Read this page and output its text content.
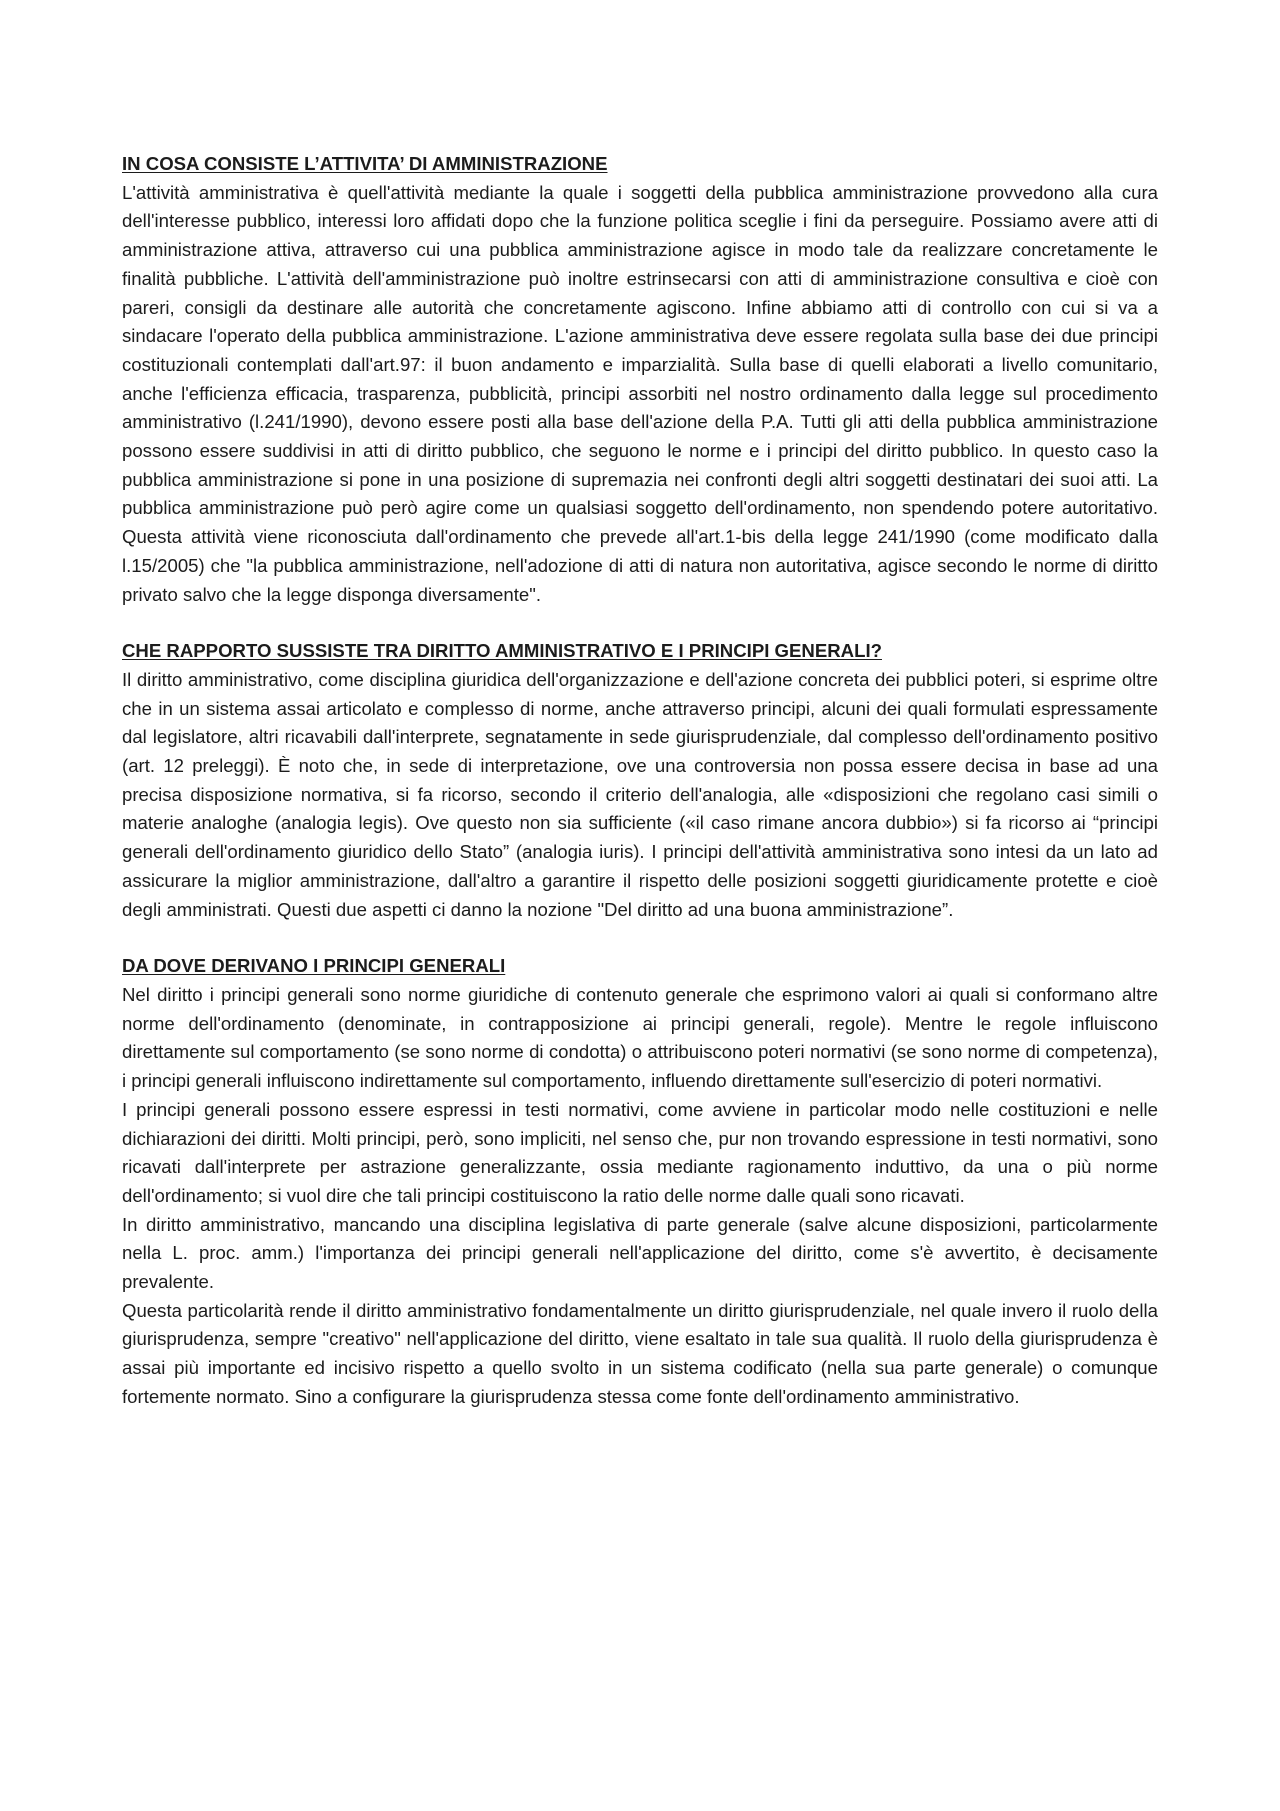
IN COSA CONSISTE L’ATTIVITA’ DI AMMINISTRAZIONE

L'attività amministrativa è quell'attività mediante la quale i soggetti della pubblica amministrazione provvedono alla cura dell'interesse pubblico, interessi loro affidati dopo che la funzione politica sceglie i fini da perseguire. Possiamo avere atti di amministrazione attiva, attraverso cui una pubblica amministrazione agisce in modo tale da realizzare concretamente le finalità pubbliche. L'attività dell'amministrazione può inoltre estrinsecarsi con atti di amministrazione consultiva e cioè con pareri, consigli da destinare alle autorità che concretamente agiscono. Infine abbiamo atti di controllo con cui si va a sindacare l'operato della pubblica amministrazione. L'azione amministrativa deve essere regolata sulla base dei due principi costituzionali contemplati dall'art.97: il buon andamento e imparzialità. Sulla base di quelli elaborati a livello comunitario, anche l'efficienza efficacia, trasparenza, pubblicità, principi assorbiti nel nostro ordinamento dalla legge sul procedimento amministrativo (l.241/1990), devono essere posti alla base dell'azione della P.A. Tutti gli atti della pubblica amministrazione possono essere suddivisi in atti di diritto pubblico, che seguono le norme e i principi del diritto pubblico. In questo caso la pubblica amministrazione si pone in una posizione di supremazia nei confronti degli altri soggetti destinatari dei suoi atti. La pubblica amministrazione può però agire come un qualsiasi soggetto dell'ordinamento, non spendendo potere autoritativo. Questa attività viene riconosciuta dall'ordinamento che prevede all'art.1-bis della legge 241/1990 (come modificato dalla l.15/2005) che "la pubblica amministrazione, nell'adozione di atti di natura non autoritativa, agisce secondo le norme di diritto privato salvo che la legge disponga diversamente".

CHE RAPPORTO SUSSISTE TRA DIRITTO AMMINISTRATIVO E I PRINCIPI GENERALI?

Il diritto amministrativo, come disciplina giuridica dell'organizzazione e dell'azione concreta dei pubblici poteri, si esprime oltre che in un sistema assai articolato e complesso di norme, anche attraverso principi, alcuni dei quali formulati espressamente dal legislatore, altri ricavabili dall'interprete, segnatamente in sede giurisprudenziale, dal complesso dell'ordinamento positivo (art. 12 preleggi). È noto che, in sede di interpretazione, ove una controversia non possa essere decisa in base ad una precisa disposizione normativa, si fa ricorso, secondo il criterio dell'analogia, alle «disposizioni che regolano casi simili o materie analoghe (analogia legis). Ove questo non sia sufficiente («il caso rimane ancora dubbio») si fa ricorso ai “principi generali dell'ordinamento giuridico dello Stato” (analogia iuris). I principi dell'attività amministrativa sono intesi da un lato ad assicurare la miglior amministrazione, dall'altro a garantire il rispetto delle posizioni soggetti giuridicamente protette e cioè degli amministrati. Questi due aspetti ci danno la nozione "Del diritto ad una buona amministrazione”.

DA DOVE DERIVANO I PRINCIPI GENERALI

Nel diritto i principi generali sono norme giuridiche di contenuto generale che esprimono valori ai quali si conformano altre norme dell'ordinamento (denominate, in contrapposizione ai principi generali, regole). Mentre le regole influiscono direttamente sul comportamento (se sono norme di condotta) o attribuiscono poteri normativi (se sono norme di competenza), i principi generali influiscono indirettamente sul comportamento, influendo direttamente sull'esercizio di poteri normativi.

I principi generali possono essere espressi in testi normativi, come avviene in particolar modo nelle costituzioni e nelle dichiarazioni dei diritti. Molti principi, però, sono impliciti, nel senso che, pur non trovando espressione in testi normativi, sono ricavati dall'interprete per astrazione generalizzante, ossia mediante ragionamento induttivo, da una o più norme dell'ordinamento; si vuol dire che tali principi costituiscono la ratio delle norme dalle quali sono ricavati.

In diritto amministrativo, mancando una disciplina legislativa di parte generale (salve alcune disposizioni, particolarmente nella L. proc. amm.) l'importanza dei principi generali nell'applicazione del diritto, come s'è avvertito, è decisamente prevalente.

Questa particolarità rende il diritto amministrativo fondamentalmente un diritto giurisprudenziale, nel quale invero il ruolo della giurisprudenza, sempre "creativo" nell'applicazione del diritto, viene esaltato in tale sua qualità. Il ruolo della giurisprudenza è assai più importante ed incisivo rispetto a quello svolto in un sistema codificato (nella sua parte generale) o comunque fortemente normato. Sino a configurare la giurisprudenza stessa come fonte dell'ordinamento amministrativo.
